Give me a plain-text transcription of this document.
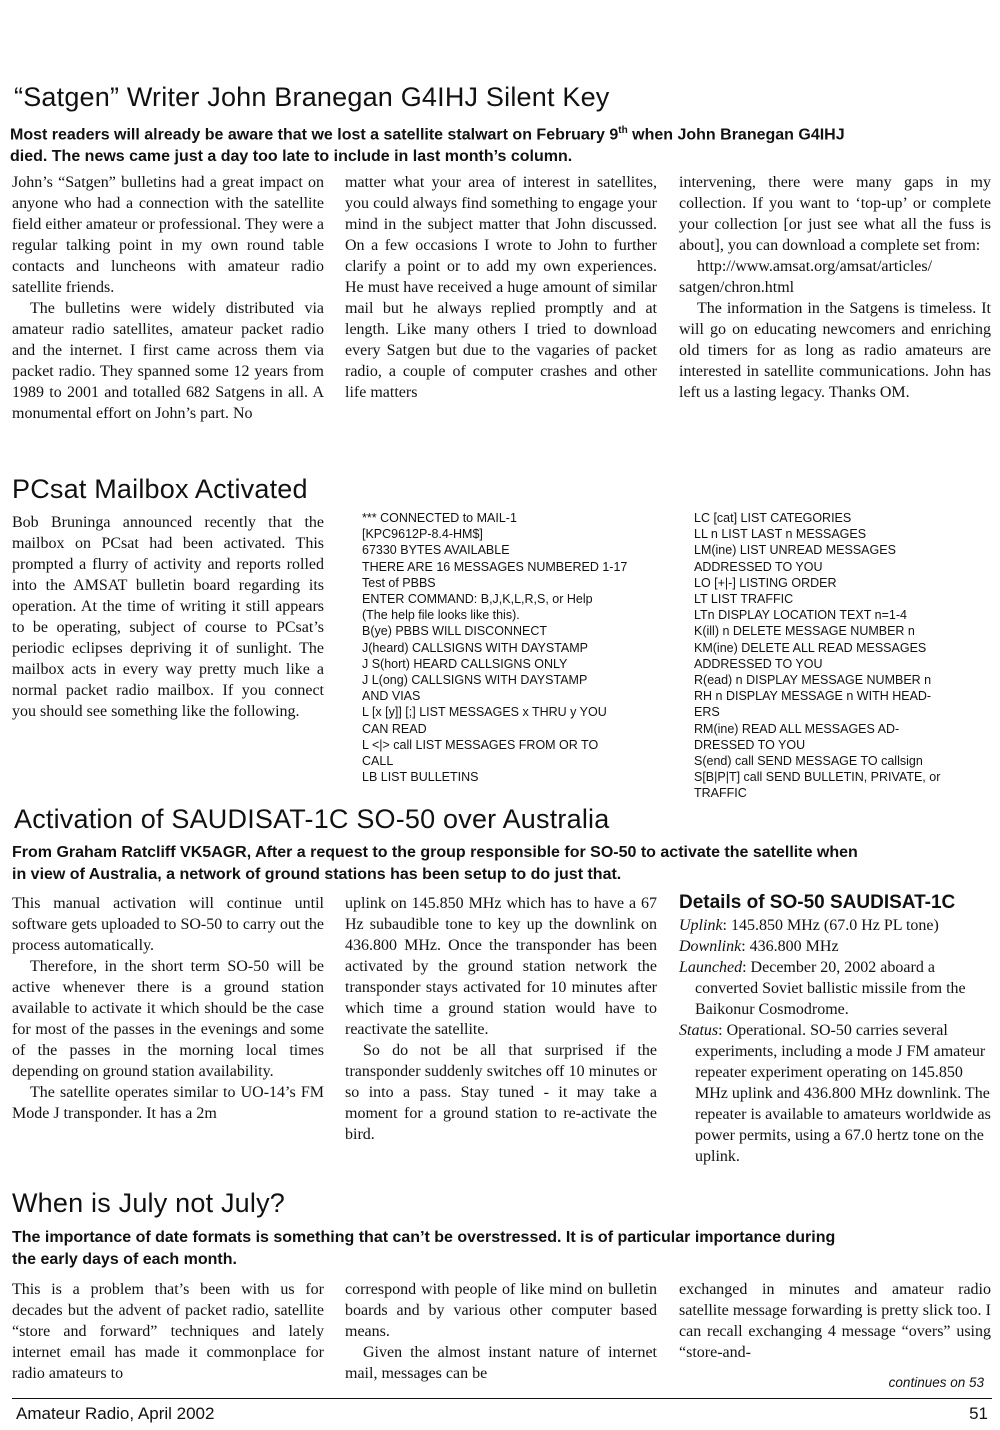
“Satgen” Writer John Branegan G4IHJ Silent Key
Most readers will already be aware that we lost a satellite stalwart on February 9th when John Branegan G4IHJ
died. The news came just a day too late to include in last month’s column.

John’s “Satgen” bulletins had a great impact on anyone who had a connection with the satellite field either amateur or professional. They were a regular talking point in my own round table contacts and luncheons with amateur radio satellite friends.

The bulletins were widely distributed via amateur radio satellites, amateur packet radio and the internet. I first came across them via packet radio. They spanned some 12 years from 1989 to 2001 and totalled 682 Satgens in all. A monumental effort on John’s part. No

matter what your area of interest in satellites, you could always find something to engage your mind in the subject matter that John discussed. On a few occasions I wrote to John to further clarify a point or to add my own experiences. He must have received a huge amount of similar mail but he always replied promptly and at length. Like many others I tried to download every Satgen but due to the vagaries of packet radio, a couple of computer crashes and other life matters

intervening, there were many gaps in my collection. If you want to ‘top-up’ or complete your collection [or just see what all the fuss is about], you can download a complete set from:

http://www.amsat.org/amsat/articles/ satgen/chron.html

The information in the Satgens is timeless. It will go on educating newcomers and enriching old timers for as long as radio amateurs are interested in satellite communications. John has left us a lasting legacy. Thanks OM.

PCsat Mailbox Activated

Bob Bruninga announced recently that the mailbox on PCsat had been activated. This prompted a flurry of activity and reports rolled into the AMSAT bulletin board regarding its operation. At the time of writing it still appears to be operating, subject of course to PCsat’s periodic eclipses depriving it of sunlight. The mailbox acts in every way pretty much like a normal packet radio mailbox. If you connect you should see something like the following.

*** CONNECTED to MAIL-1
[KPC9612P-8.4-HM$]
67330 BYTES AVAILABLE
THERE ARE 16 MESSAGES NUMBERED 1-17
Test of PBBS
ENTER COMMAND: B,J,K,L,R,S, or Help
(The help file looks like this).
B(ye) PBBS WILL DISCONNECT
J(heard) CALLSIGNS WITH DAYSTAMP
J S(hort) HEARD CALLSIGNS ONLY
J L(ong) CALLSIGNS WITH DAYSTAMP
AND VIAS
L [x [y]] [;] LIST MESSAGES x THRU y YOU
CAN READ
L <|> call LIST MESSAGES FROM OR TO
CALL
LB LIST BULLETINS
LC [cat] LIST CATEGORIES
LL n LIST LAST n MESSAGES
LM(ine) LIST UNREAD MESSAGES
ADDRESSED TO YOU
LO [+|-] LISTING ORDER
LT LIST TRAFFIC
LTn DISPLAY LOCATION TEXT n=1-4
K(ill) n DELETE MESSAGE NUMBER n
KM(ine) DELETE ALL READ MESSAGES
ADDRESSED TO YOU
R(ead) n DISPLAY MESSAGE NUMBER n
RH n DISPLAY MESSAGE n WITH HEAD-
ERS
RM(ine) READ ALL MESSAGES AD-
DRESSED TO YOU
S(end) call SEND MESSAGE TO callsign
S[B|P|T] call SEND BULLETIN, PRIVATE, or
TRAFFIC
Activation of SAUDISAT-1C SO-50 over Australia
From Graham Ratcliff VK5AGR, After a request to the group responsible for SO-50 to activate the satellite when
in view of Australia, a network of ground stations has been setup to do just that.

This manual activation will continue until software gets uploaded to SO-50 to carry out the process automatically.

Therefore, in the short term SO-50 will be active whenever there is a ground station available to activate it which should be the case for most of the passes in the evenings and some of the passes in the morning local times depending on ground station availability.

The satellite operates similar to UO-14’s FM Mode J transponder. It has a 2m

uplink on 145.850 MHz which has to have a 67 Hz subaudible tone to key up the downlink on 436.800 MHz. Once the transponder has been activated by the ground station network the transponder stays activated for 10 minutes after which time a ground station would have to reactivate the satellite.

So do not be all that surprised if the transponder suddenly switches off 10 minutes or so into a pass. Stay tuned - it may take a moment for a ground station to re-activate the bird.

Details of SO-50 SAUDISAT-1C

Uplink: 145.850 MHz (67.0 Hz PL tone)

Downlink: 436.800 MHz

Launched: December 20, 2002 aboard a converted Soviet ballistic missile from the Baikonur Cosmodrome.

Status: Operational. SO-50 carries several experiments, including a mode J FM amateur repeater experiment operating on 145.850 MHz uplink and 436.800 MHz downlink. The repeater is available to amateurs worldwide as power permits, using a 67.0 hertz tone on the uplink.

When is July not July?
The importance of date formats is something that can’t be overstressed. It is of particular importance during
the early days of each month.

This is a problem that’s been with us for decades but the advent of packet radio, satellite “store and forward” techniques and lately internet email has made it commonplace for radio amateurs to

correspond with people of like mind on bulletin boards and by various other computer based means.

Given the almost instant nature of internet mail, messages can be

exchanged in minutes and amateur radio satellite message forwarding is pretty slick too. I can recall exchanging 4 message “overs” using “store-and-

continues on 53
Amateur Radio, April 2002	51
